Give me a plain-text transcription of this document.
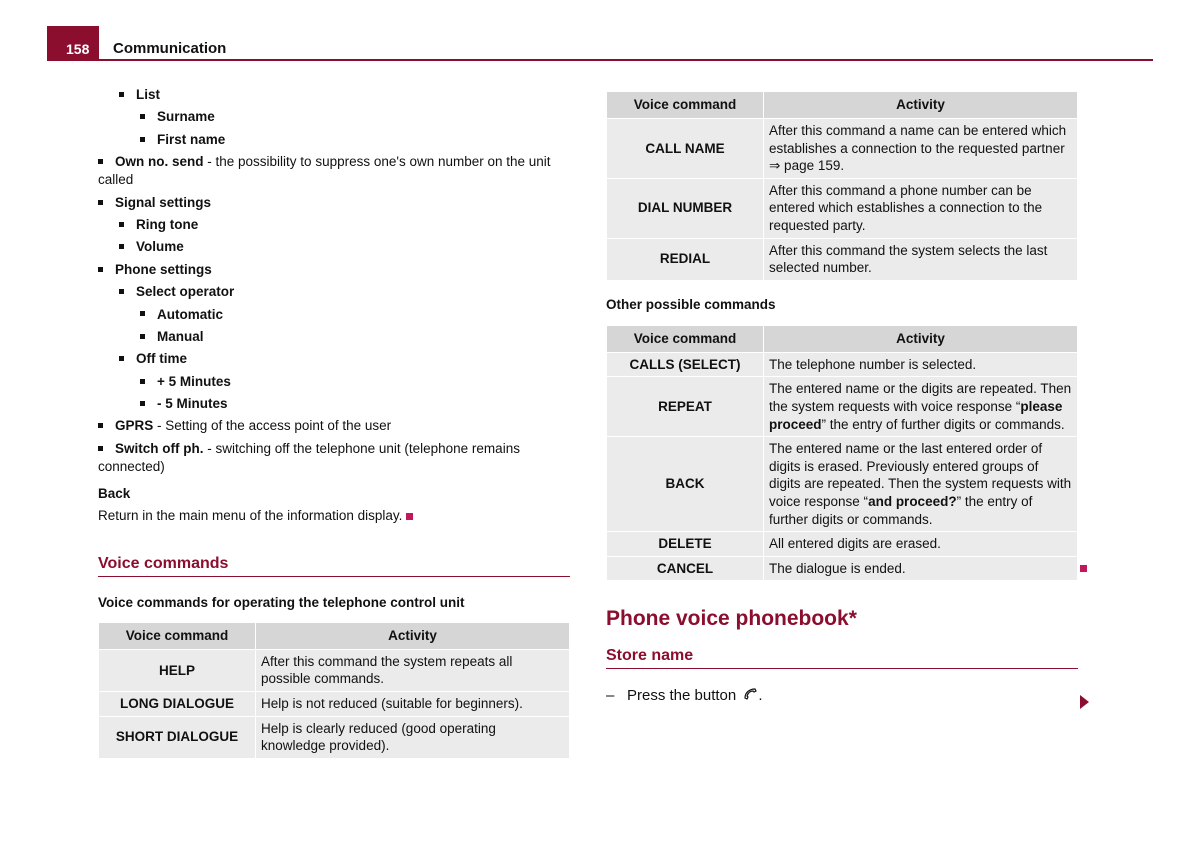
158	Communication
List
Surname
First name
Own no. send - the possibility to suppress one's own number on the unit called
Signal settings
Ring tone
Volume
Phone settings
Select operator
Automatic
Manual
Off time
+ 5 Minutes
- 5 Minutes
GPRS - Setting of the access point of the user
Switch off ph. - switching off the telephone unit (telephone remains connected)
Back
Return in the main menu of the information display.
Voice commands
Voice commands for operating the telephone control unit
Voice command	Activity
HELP	After this command the system repeats all possible commands.
LONG DIALOGUE	Help is not reduced (suitable for beginners).
SHORT DIALOGUE	Help is clearly reduced (good operating knowledge provided).
Voice command	Activity
CALL NAME	After this command a name can be entered which establishes a connection to the requested partner ⇒ page 159.
DIAL NUMBER	After this command a phone number can be entered which establishes a connection to the requested party.
REDIAL	After this command the system selects the last selected number.
Other possible commands
Voice command	Activity
CALLS (SELECT)	The telephone number is selected.
REPEAT	The entered name or the digits are repeated. Then the system requests with voice response “please proceed” the entry of further digits or commands.
BACK	The entered name or the last entered order of digits is erased. Previously entered groups of digits are repeated. Then the system requests with voice response “and proceed?” the entry of further digits or commands.
DELETE	All entered digits are erased.
CANCEL	The dialogue is ended.
Phone voice phonebook*
Store name
– Press the button .
